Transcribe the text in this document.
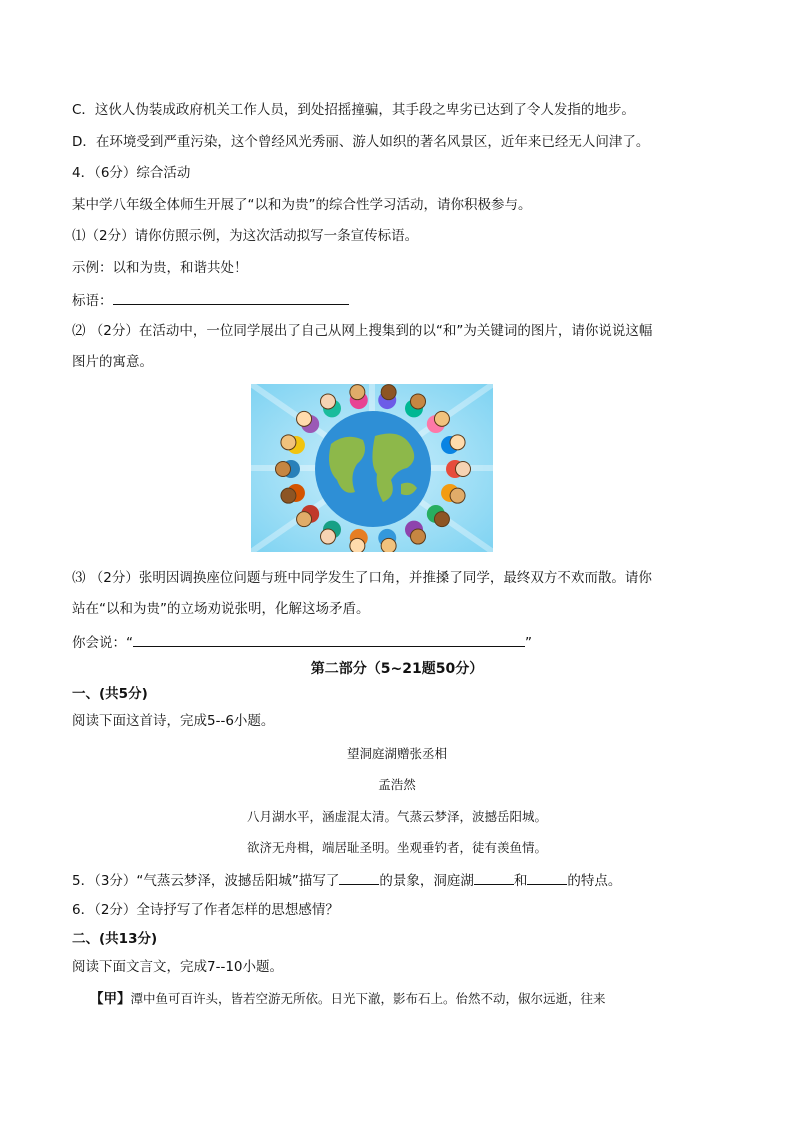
C．这伙人伪装成政府机关工作人员，到处招摇撞骗，其手段之卑劣已达到了令人发指的地步。
D．在环境受到严重污染，这个曾经风光秀丽、游人如织的著名风景区，近年来已经无人问津了。
4．（6分）综合活动
某中学八年级全体师生开展了“以和为贵”的综合性学习活动，请你积极参与。
⑴（2分）请你仿照示例，为这次活动拟写一条宣传标语。
示例：以和为贵，和谐共处！
标语：
⑵ （2分）在活动中，一位同学展出了自己从网上搜集到的以“和”为关键词的图片，请你说说这幅
图片的寓意。
⑶ （2分）张明因调换座位问题与班中同学发生了口角，并推搡了同学，最终双方不欢而散。请你
站在“以和为贵”的立场劝说张明，化解这场矛盾。
你会说：“	”
第二部分（5~21题50分）
一、(共5分)
阅读下面这首诗，完成5--6小题。
望洞庭湖赠张丞相
孟浩然
八月湖水平，涵虚混太清。气蒸云梦泽，波撼岳阳城。
欲济无舟楫，端居耻圣明。坐观垂钓者，徒有羡鱼情。
5．（3分）“气蒸云梦泽，波撼岳阳城”描写了	的景象，洞庭湖	和	的特点。
6．（2分）全诗抒写了作者怎样的思想感情？
二、(共13分)
阅读下面文言文，完成7--10小题。
【甲】潭中鱼可百许头，皆若空游无所依。日光下澈，影布石上。佁然不动，俶尔远逝，往来
